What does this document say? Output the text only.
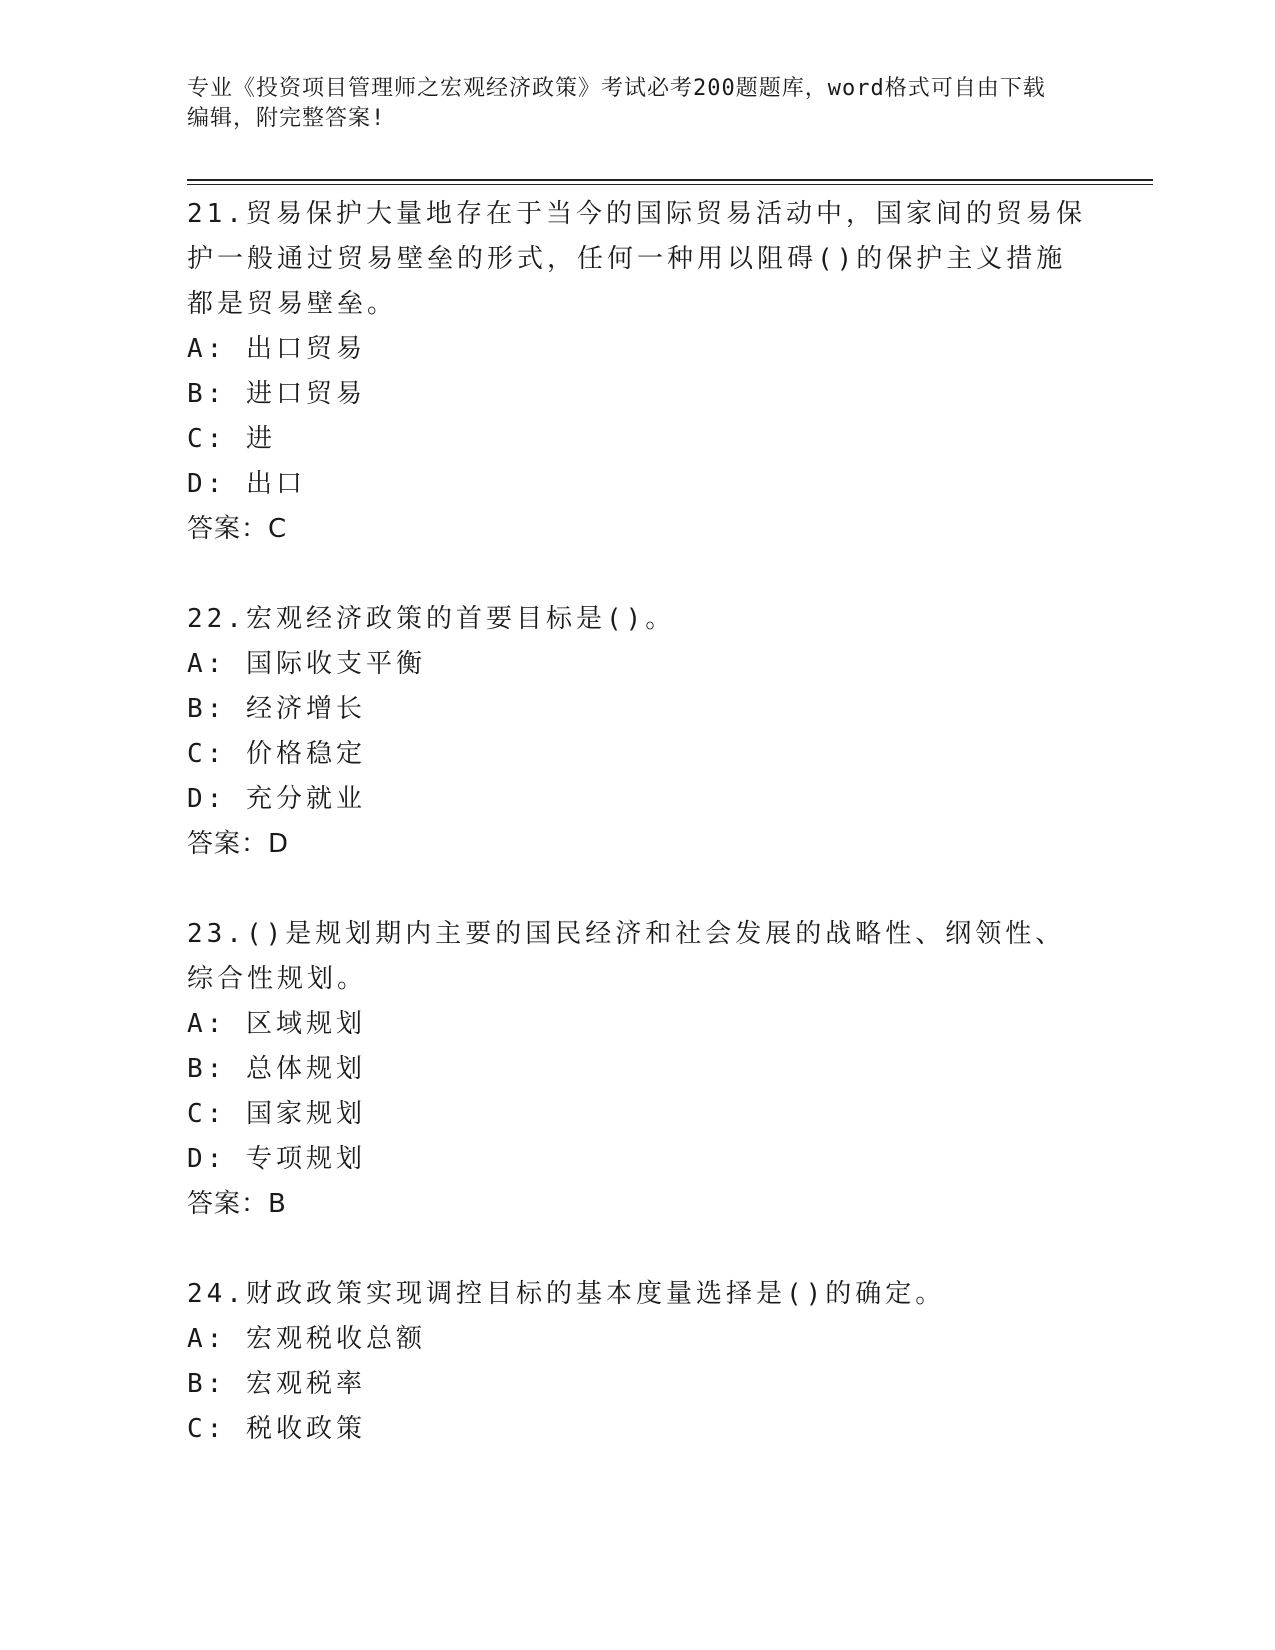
专业《投资项目管理师之宏观经济政策》考试必考200题题库，word格式可自由下载编辑，附完整答案!

21.贸易保护大量地存在于当今的国际贸易活动中，国家间的贸易保护一般通过贸易壁垒的形式，任何一种用以阻碍()的保护主义措施都是贸易壁垒。

A: 出口贸易

B: 进口贸易

C: 进

D: 出口

答案：C

22.宏观经济政策的首要目标是()。

A: 国际收支平衡

B: 经济增长

C: 价格稳定

D: 充分就业

答案：D

23.()是规划期内主要的国民经济和社会发展的战略性、纲领性、综合性规划。

A: 区域规划

B: 总体规划

C: 国家规划

D: 专项规划

答案：B

24.财政政策实现调控目标的基本度量选择是()的确定。

A: 宏观税收总额

B: 宏观税率

C: 税收政策
